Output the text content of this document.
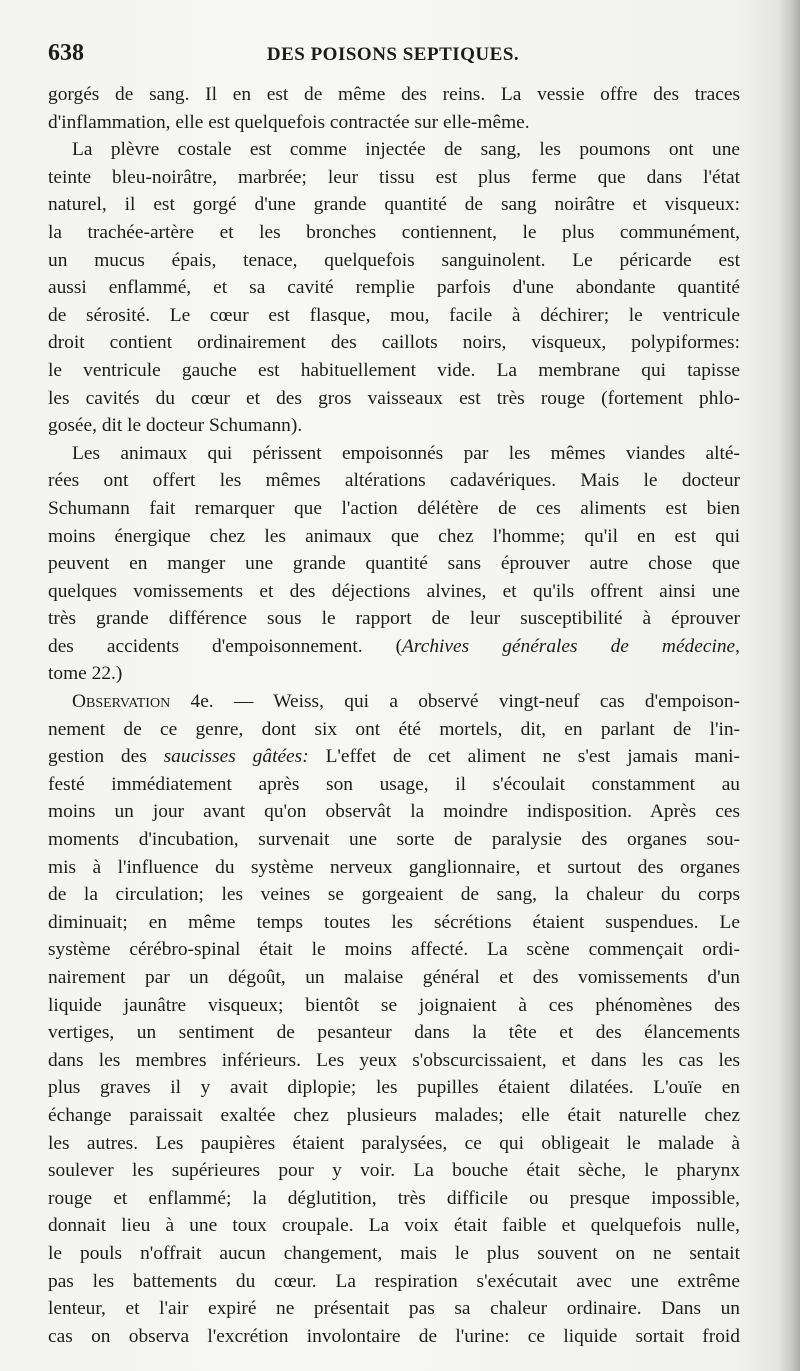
638	DES POISONS SEPTIQUES.
gorgés de sang. Il en est de même des reins. La vessie offre des traces
d'inflammation, elle est quelquefois contractée sur elle-même.
La plèvre costale est comme injectée de sang, les poumons ont une
teinte bleu-noirâtre, marbrée; leur tissu est plus ferme que dans l'état
naturel, il est gorgé d'une grande quantité de sang noirâtre et visqueux:
la trachée-artère et les bronches contiennent, le plus communément,
un mucus épais, tenace, quelquefois sanguinolent. Le péricarde est
aussi enflammé, et sa cavité remplie parfois d'une abondante quantité
de sérosité. Le cœur est flasque, mou, facile à déchirer; le ventricule
droit contient ordinairement des caillots noirs, visqueux, polypiformes:
le ventricule gauche est habituellement vide. La membrane qui tapisse
les cavités du cœur et des gros vaisseaux est très rouge (fortement phlo-
gosée, dit le docteur Schumann).
Les animaux qui périssent empoisonnés par les mêmes viandes alté-
rées ont offert les mêmes altérations cadavériques. Mais le docteur
Schumann fait remarquer que l'action délétère de ces aliments est bien
moins énergique chez les animaux que chez l'homme; qu'il en est qui
peuvent en manger une grande quantité sans éprouver autre chose que
quelques vomissements et des déjections alvines, et qu'ils offrent ainsi une
très grande différence sous le rapport de leur susceptibilité à éprouver
des accidents d'empoisonnement. (Archives générales de médecine,
tome 22.)
Observation 4e. — Weiss, qui a observé vingt-neuf cas d'empoison-
nement de ce genre, dont six ont été mortels, dit, en parlant de l'in-
gestion des saucisses gâtées: L'effet de cet aliment ne s'est jamais mani-
festé immédiatement après son usage, il s'écoulait constamment au
moins un jour avant qu'on observât la moindre indisposition. Après ces
moments d'incubation, survenait une sorte de paralysie des organes sou-
mis à l'influence du système nerveux ganglionnaire, et surtout des organes
de la circulation; les veines se gorgeaient de sang, la chaleur du corps
diminuait; en même temps toutes les sécrétions étaient suspendues. Le
système cérébro-spinal était le moins affecté. La scène commençait ordi-
nairement par un dégoût, un malaise général et des vomissements d'un
liquide jaunâtre visqueux; bientôt se joignaient à ces phénomènes des
vertiges, un sentiment de pesanteur dans la tête et des élancements
dans les membres inférieurs. Les yeux s'obscurcissaient, et dans les cas les
plus graves il y avait diplopie; les pupilles étaient dilatées. L'ouïe en
échange paraissait exaltée chez plusieurs malades; elle était naturelle chez
les autres. Les paupières étaient paralysées, ce qui obligeait le malade à
soulever les supérieures pour y voir. La bouche était sèche, le pharynx
rouge et enflammé; la déglutition, très difficile ou presque impossible,
donnait lieu à une toux croupale. La voix était faible et quelquefois nulle,
le pouls n'offrait aucun changement, mais le plus souvent on ne sentait
pas les battements du cœur. La respiration s'exécutait avec une extrême
lenteur, et l'air expiré ne présentait pas sa chaleur ordinaire. Dans un
cas on observa l'excrétion involontaire de l'urine: ce liquide sortait froid
